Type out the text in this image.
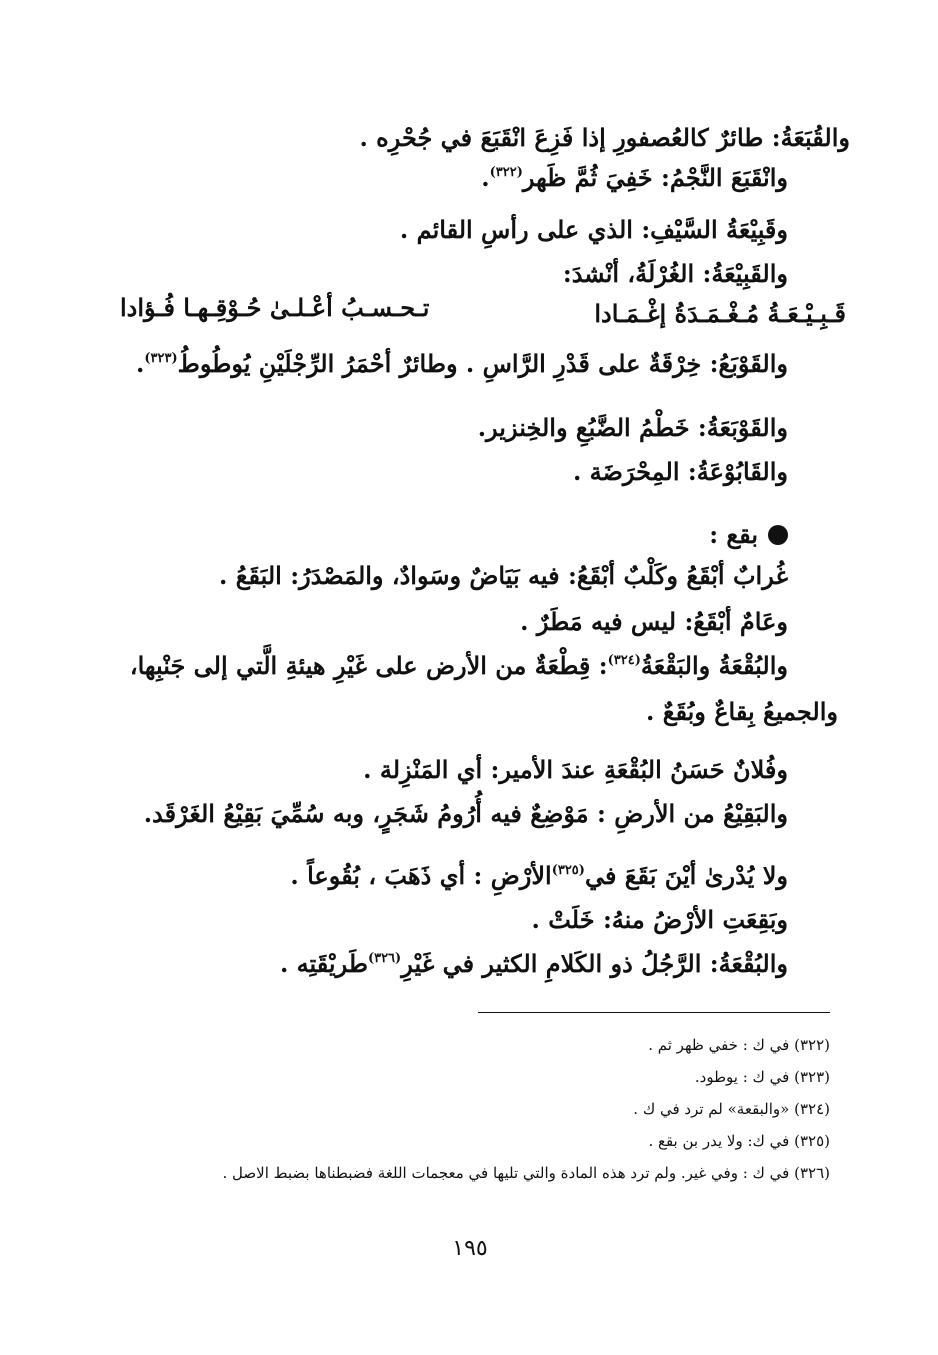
والقُبَعَةُ: طائرٌ كالعُصفورِ إذا فَزِعَ انْقَبَعَ في جُحْرِه .
وانْقَبَعَ النَّجْمُ: خَفِيَ ثُمَّ ظَهر$^{(٣٢٢)}$.
وقَبِيْعَةُ السَّيْفِ: الذي على رأسِ القائم .
والقَبِيْعَةُ: الغُرْلَةُ، أنْشدَ:
قَـبِـيْـعَـةُ مُـغْـمَـدَةُ إغْـمَـادا
تـحـسـبُ أعْـلـىٰ حُـوْقِـهـا فُـؤادا
والقَوْبَعُ: خِرْقَةٌ على قَدْرِ الرَّاسِ . وطائرٌ أحْمَرُ الرِّجْلَيْنِ يُوطُوطُ$^{(٣٢٣)}$.
والقَوْبَعَةُ: خَطْمُ الضَّبُعِ والخِنزير.
والقَابُوْعَةُ: المِحْرَضَة .
بقع :
غُرابٌ أبْقَعُ وكَلْبٌ أبْقَعُ: فيه بَيَاضٌ وسَوادٌ، والمَصْدَرُ: البَقَعُ .
وعَامٌ أبْقَعُ: ليس فيه مَطَرٌ .
والبُقْعَةُ والبَقْعَةُ$^{(٣٢٤)}$: قِطْعَةٌ من الأرض على غَيْرِ هيئةِ الَّتي إلى جَنْبِها،
والجميعُ بِقاعٌ وبُقَعٌ .
وفُلانٌ حَسَنُ البُقْعَةِ عندَ الأمير: أي المَنْزِلة .
والبَقِيْعُ من الأرضِ : مَوْضِعٌ فيه أُرُومُ شَجَرٍ، وبه سُمِّيَ بَقِيْعُ الغَرْقَد.
ولا يُدْرىٰ أيْنَ بَقَعَ في$^{(٣٢٥)}$الأرْضِ : أي ذَهَبَ ، بُقُوعاً .
وبَقِعَتِ الأرْضُ منهُ: خَلَتْ .
والبُقْعَةُ: الرَّجُلُ ذو الكَلامِ الكثير في غَيْرِ$^{(٣٢٦)}$طَريْقَتِه .
(٣٢٢) في ك : خفي ظهر ثم .
(٣٢٣) في ك : يوطود.
(٣٢٤) «والبقعة» لم ترد في ك .
(٣٢٥) في ك: ولا يدر بن بقع .
(٣٢٦) في ك : وفي غير. ولم ترد هذه المادة والتي تليها في معجمات اللغة فضبطناها بضبط الاصل .
١٩٥
